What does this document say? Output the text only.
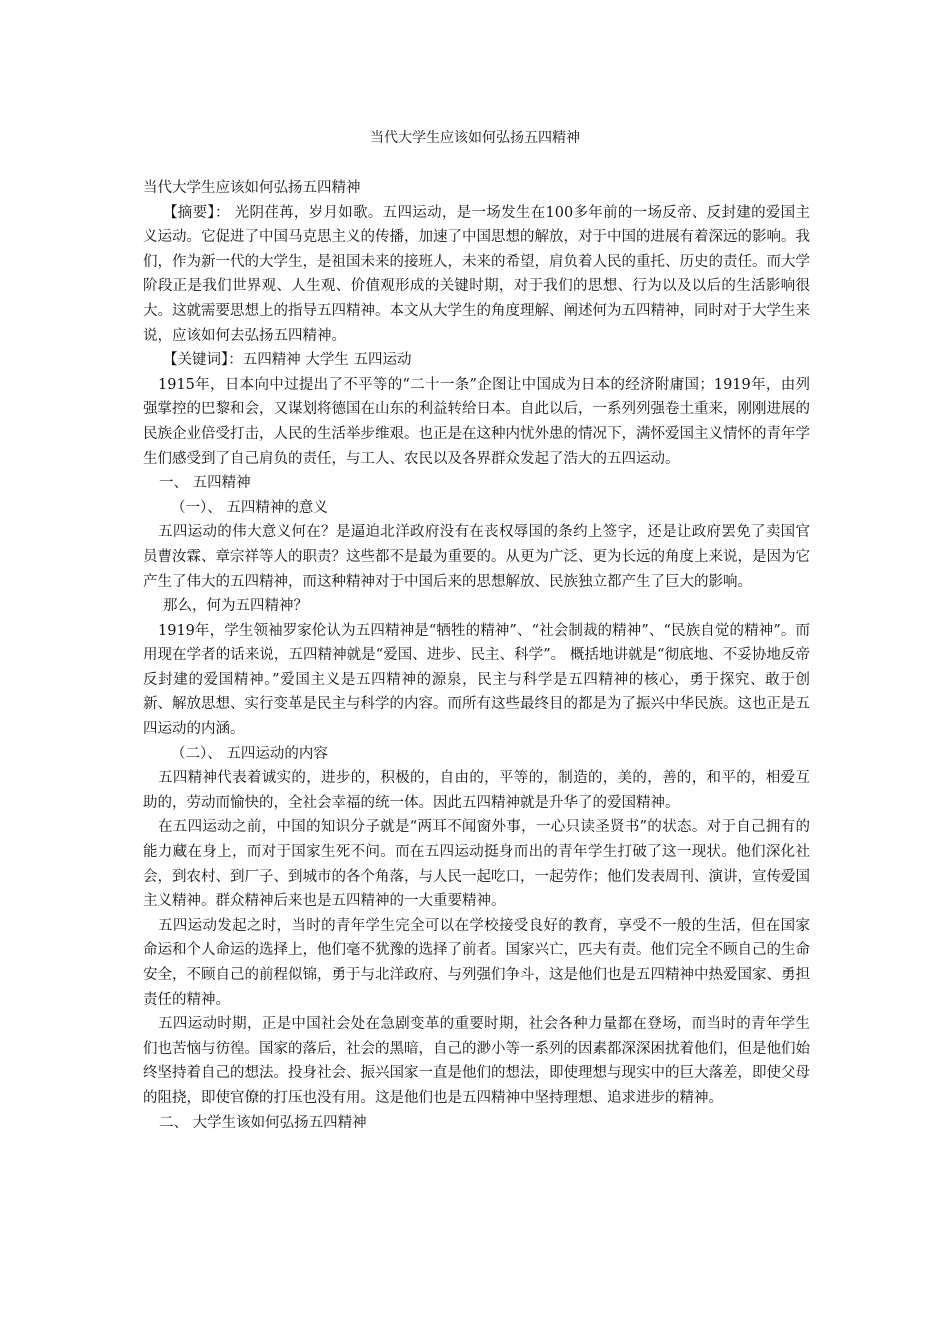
当代大学生应该如何弘扬五四精神

当代大学生应该如何弘扬五四精神

【摘要】： 光阴荏苒，岁月如歌。五四运动，是一场发生在100多年前的一场反帝、反封建的爱国主义运动。它促进了中国马克思主义的传播，加速了中国思想的解放，对于中国的进展有着深远的影响。我们，作为新一代的大学生，是祖国未来的接班人，未来的希望，肩负着人民的重托、历史的责任。而大学阶段正是我们世界观、人生观、价值观形成的关键时期，对于我们的思想、行为以及以后的生活影响很大。这就需要思想上的指导五四精神。本文从大学生的角度理解、阐述何为五四精神，同时对于大学生来说，应该如何去弘扬五四精神。

【关键词】：五四精神 大学生 五四运动

1915年，日本向中过提出了不平等的“二十一条”企图让中国成为日本的经济附庸国；1919年，由列强掌控的巴黎和会，又谋划将德国在山东的利益转给日本。自此以后，一系列列强卷土重来，刚刚进展的民族企业倍受打击，人民的生活举步维艰。也正是在这种内忧外患的情况下，满怀爱国主义情怀的青年学生们感受到了自己肩负的责任，与工人、农民以及各界群众发起了浩大的五四运动。

一、 五四精神

（一）、 五四精神的意义

五四运动的伟大意义何在？是逼迫北洋政府没有在丧权辱国的条约上签字，还是让政府罢免了卖国官员曹汝霖、章宗祥等人的职责？这些都不是最为重要的。从更为广泛、更为长远的角度上来说，是因为它产生了伟大的五四精神，而这种精神对于中国后来的思想解放、民族独立都产生了巨大的影响。

那么，何为五四精神？

1919年，学生领袖罗家伦认为五四精神是“牺牲的精神”、“社会制裁的精神”、“民族自觉的精神”。而用现在学者的话来说，五四精神就是“爱国、进步、民主、科学”。 概括地讲就是“彻底地、不妥协地反帝反封建的爱国精神。”爱国主义是五四精神的源泉，民主与科学是五四精神的核心，勇于探究、敢于创新、解放思想、实行变革是民主与科学的内容。而所有这些最终目的都是为了振兴中华民族。这也正是五四运动的内涵。

（二）、 五四运动的内容

五四精神代表着诚实的，进步的，积极的，自由的，平等的，制造的，美的，善的，和平的，相爱互助的，劳动而愉快的，全社会幸福的统一体。因此五四精神就是升华了的爱国精神。

在五四运动之前，中国的知识分子就是“两耳不闻窗外事，一心只读圣贤书”的状态。对于自己拥有的能力藏在身上，而对于国家生死不问。而在五四运动挺身而出的青年学生打破了这一现状。他们深化社会，到农村、到厂子、到城市的各个角落，与人民一起吃口，一起劳作；他们发表周刊、演讲，宣传爱国主义精神。群众精神后来也是五四精神的一大重要精神。

五四运动发起之时，当时的青年学生完全可以在学校接受良好的教育，享受不一般的生活，但在国家命运和个人命运的选择上，他们毫不犹豫的选择了前者。国家兴亡，匹夫有责。他们完全不顾自己的生命安全，不顾自己的前程似锦，勇于与北洋政府、与列强们争斗，这是他们也是五四精神中热爱国家、勇担责任的精神。

五四运动时期，正是中国社会处在急剧变革的重要时期，社会各种力量都在登场，而当时的青年学生们也苦恼与彷徨。国家的落后，社会的黑暗，自己的渺小等一系列的因素都深深困扰着他们，但是他们始终坚持着自己的想法。投身社会、振兴国家一直是他们的想法，即使理想与现实中的巨大落差，即使父母的阻挠，即使官僚的打压也没有用。这是他们也是五四精神中坚持理想、追求进步的精神。

二、 大学生该如何弘扬五四精神
